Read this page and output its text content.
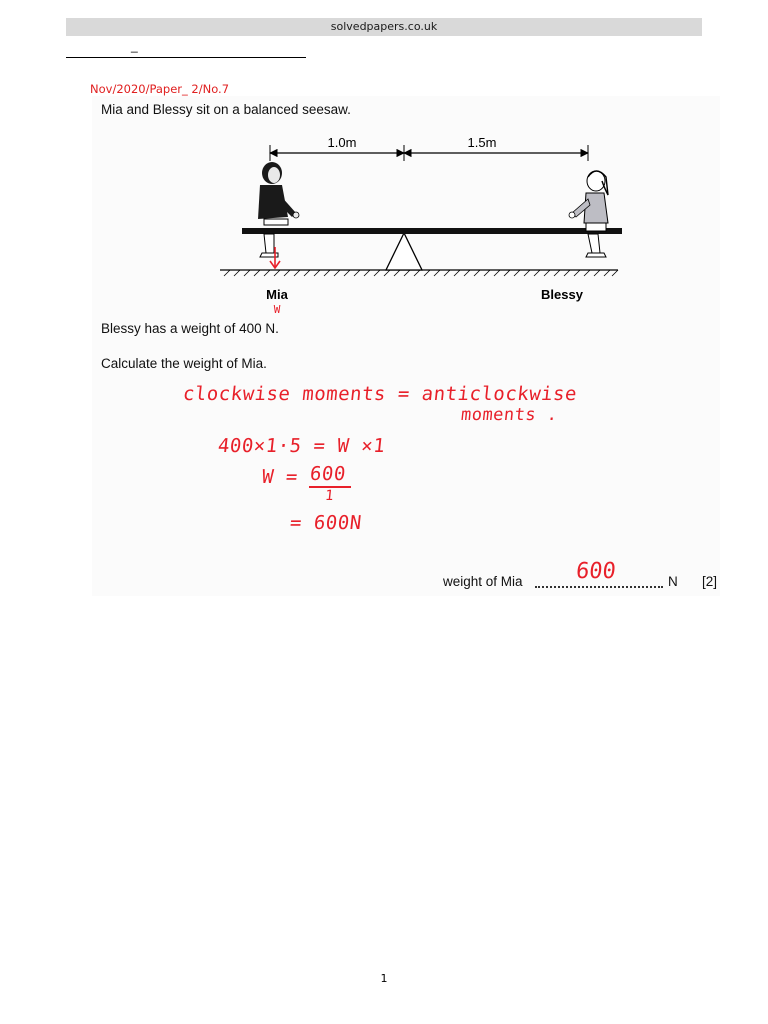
solvedpapers.co.uk
_
Nov/2020/Paper_ 2/No.7
Mia and Blessy sit on a balanced seesaw.
1.0m	1.5m
Mia	Blessy
W
Blessy has a weight of 400 N.
Calculate the weight of Mia.
clockwise moments = anticlockwise
moments .
400×1·5 = W ×1
W = 600
1
= 600N
weight of Mia 600	N [2]
1
